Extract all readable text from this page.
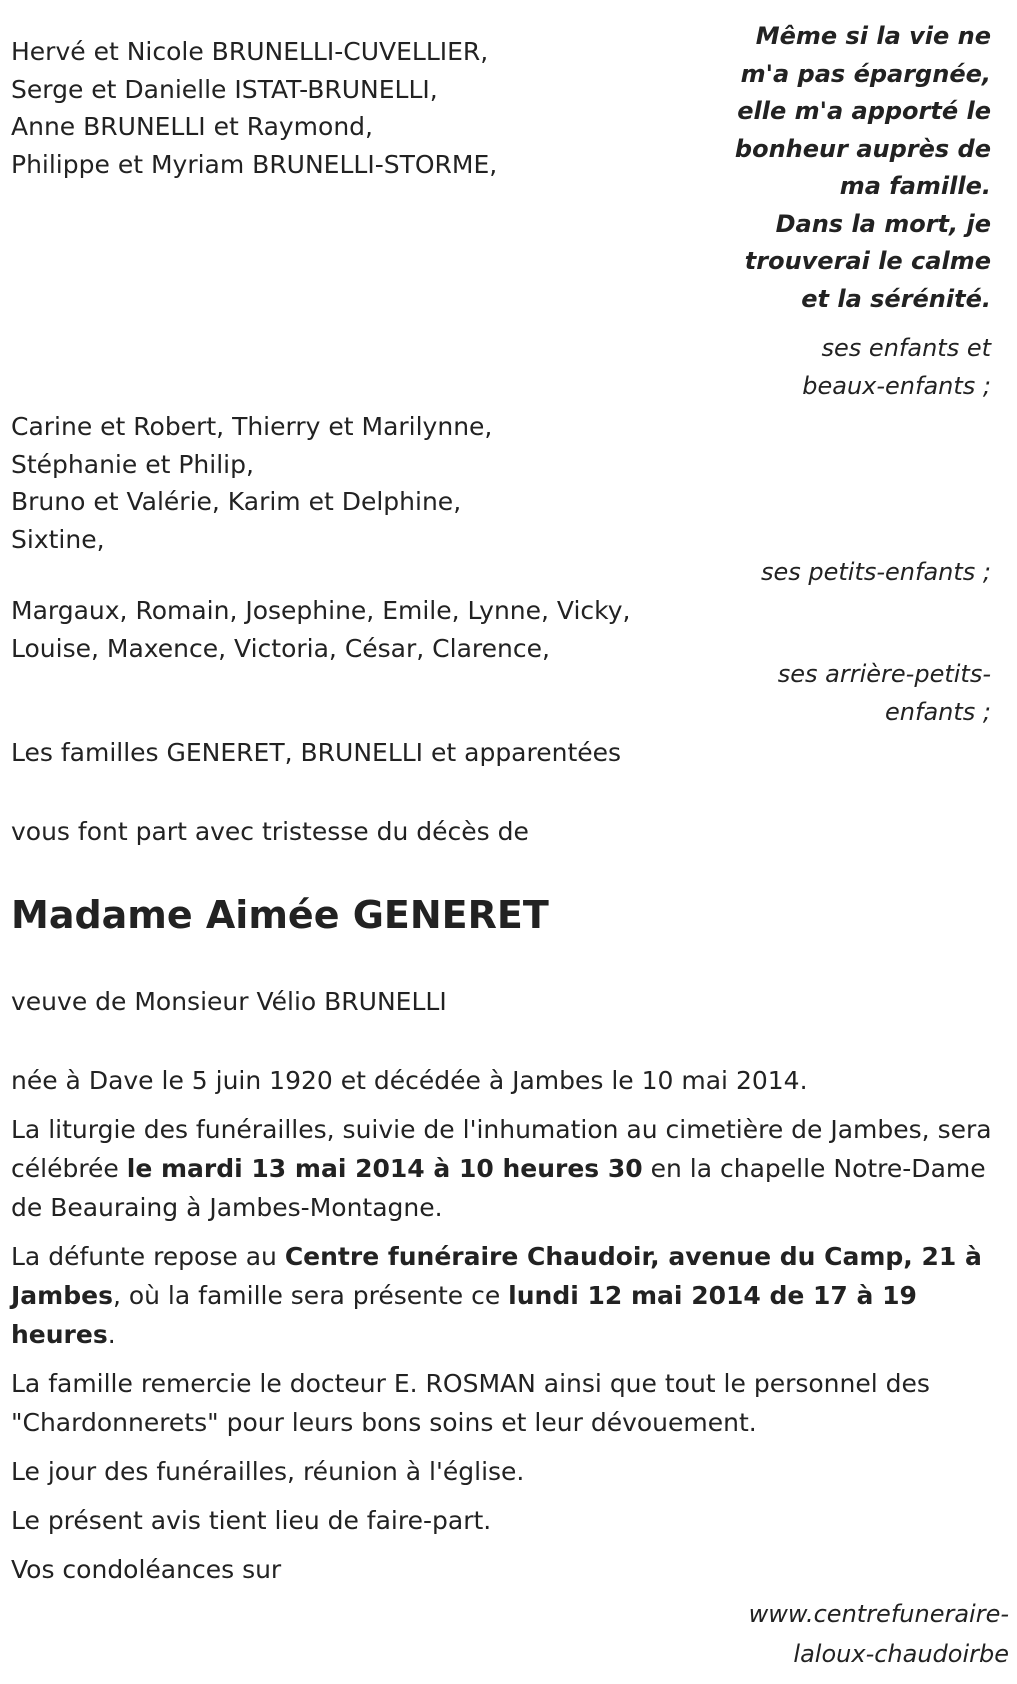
Même si la vie ne
m'a pas épargnée,
elle m'a apporté le
bonheur auprès de
ma famille.
Dans la mort, je
trouverai le calme
et la sérénité.
Hervé et Nicole BRUNELLI-CUVELLIER,
Serge et Danielle ISTAT-BRUNELLI,
Anne BRUNELLI et Raymond,
Philippe et Myriam BRUNELLI-STORME,
ses enfants et
beaux-enfants ;
Carine et Robert, Thierry et Marilynne,
Stéphanie et Philip,
Bruno et Valérie, Karim et Delphine,
Sixtine,
ses petits-enfants ;
Margaux, Romain, Josephine, Emile, Lynne, Vicky,
Louise, Maxence, Victoria, César, Clarence,
ses arrière-petits-
enfants ;
Les familles GENERET, BRUNELLI et apparentées
vous font part avec tristesse du décès de
Madame Aimée GENERET
veuve de Monsieur Vélio BRUNELLI
née à Dave le 5 juin 1920 et décédée à Jambes le 10 mai 2014.

La liturgie des funérailles, suivie de l'inhumation au cimetière de Jambes, sera célébrée le mardi 13 mai 2014 à 10 heures 30 en la chapelle Notre-Dame de Beauraing à Jambes-Montagne.

La défunte repose au Centre funéraire Chaudoir, avenue du Camp, 21 à Jambes, où la famille sera présente ce lundi 12 mai 2014 de 17 à 19 heures.

La famille remercie le docteur E. ROSMAN ainsi que tout le personnel des "Chardonnerets" pour leurs bons soins et leur dévouement.

Le jour des funérailles, réunion à l'église.
Le présent avis tient lieu de faire-part.
Vos condoléances sur
www.centrefuneraire-
laloux-chaudoirbe
